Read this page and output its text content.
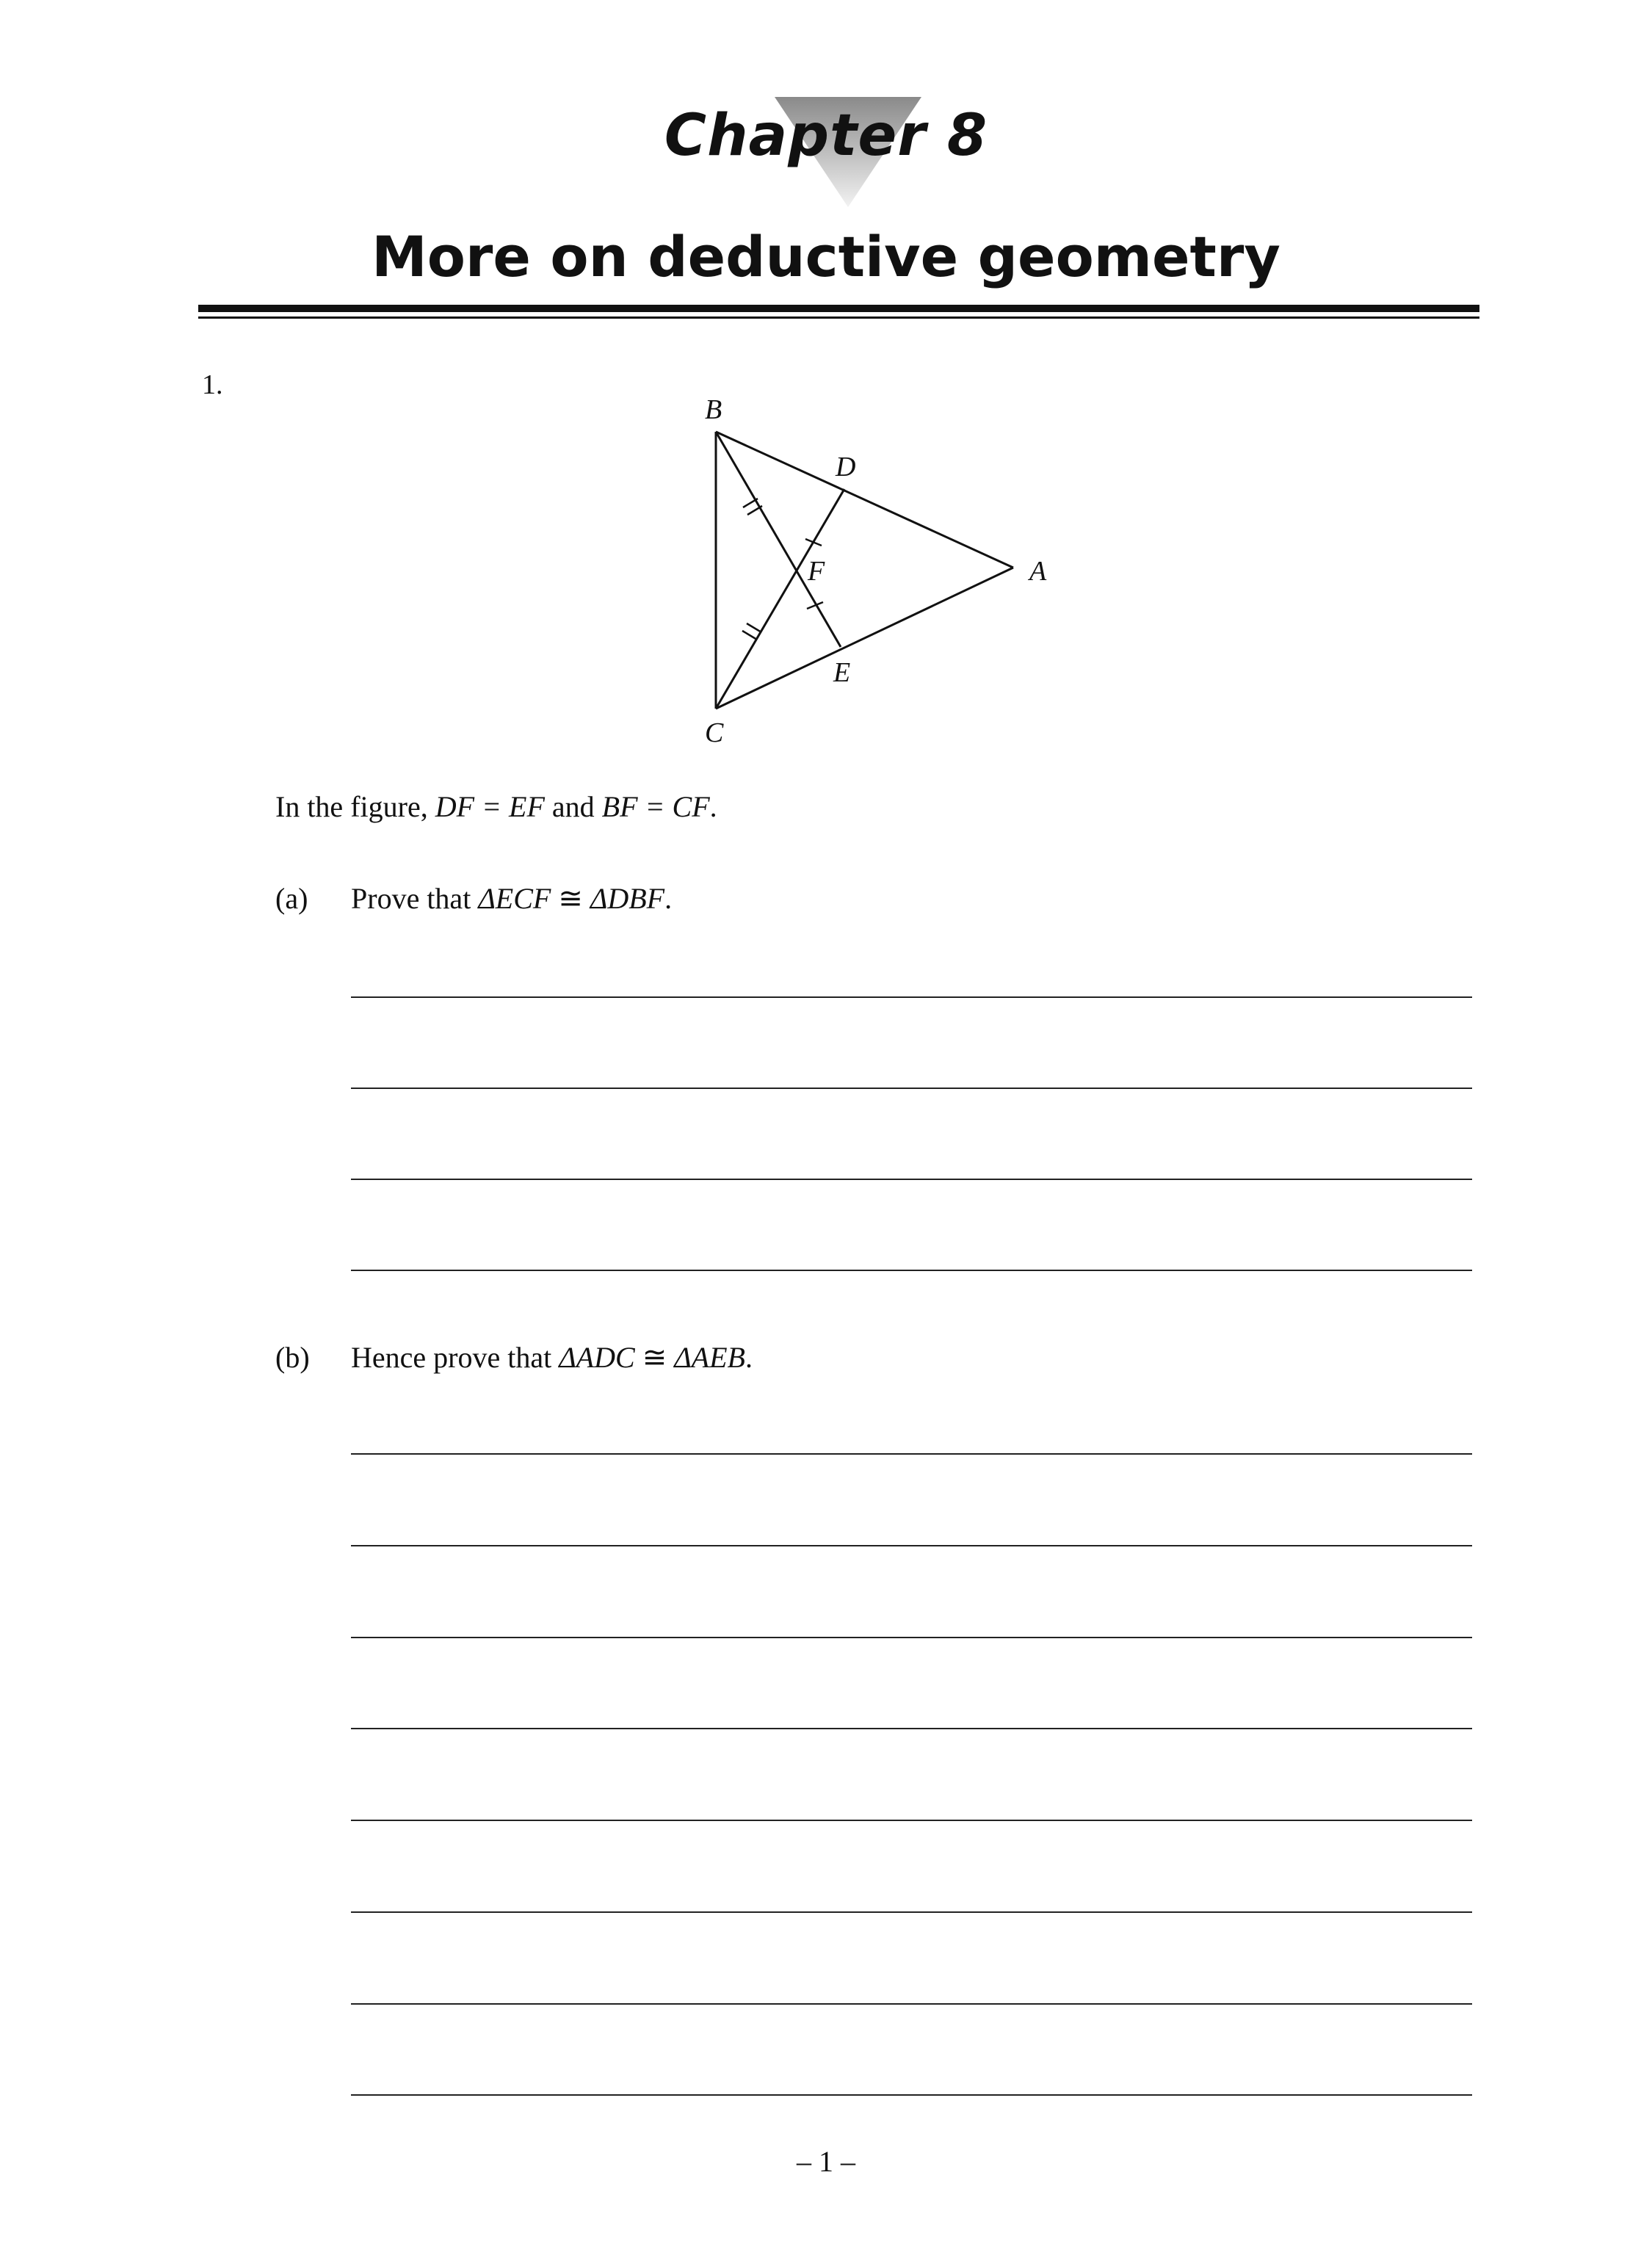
Chapter 8
More on deductive geometry
1.
B
D
F	A
E
C
In the figure, DF = EF and BF = CF.
(a) Prove that ΔECF ≅ ΔDBF.
(b) Hence prove that ΔADC ≅ ΔAEB.
– 1 –
